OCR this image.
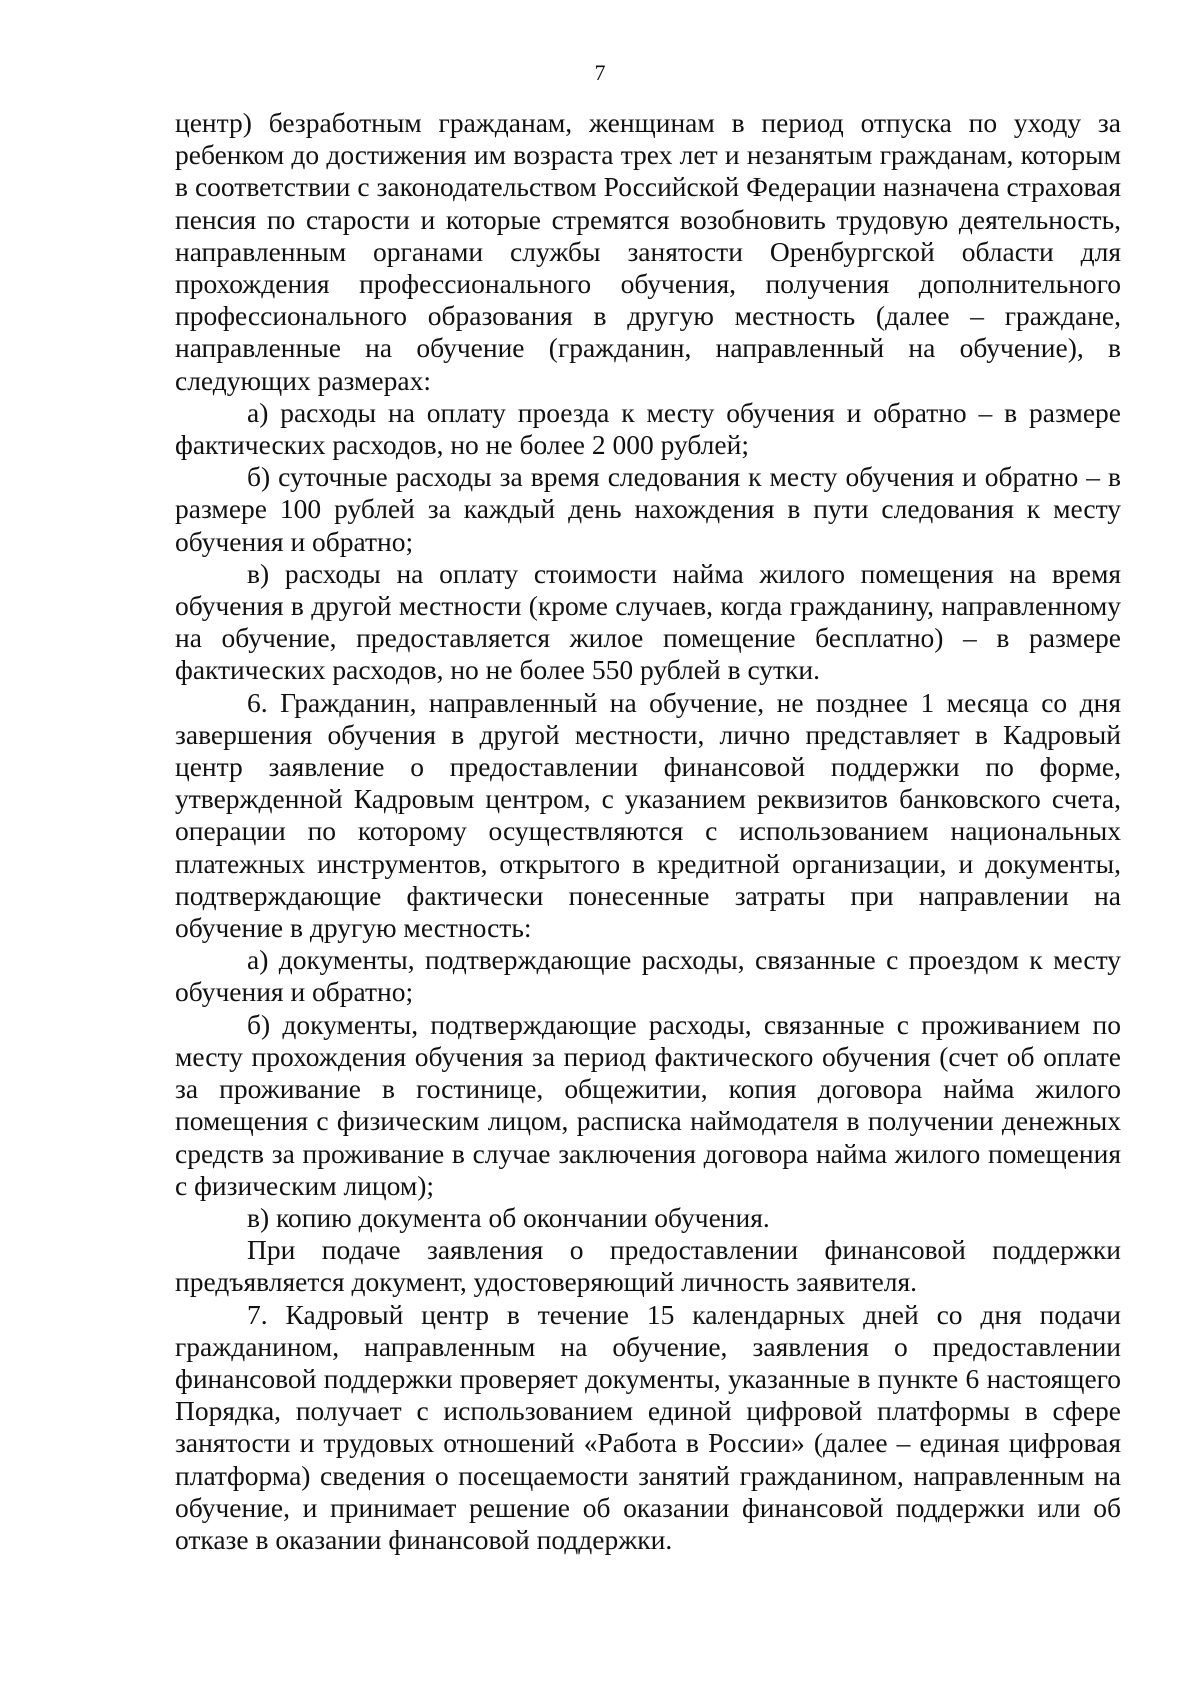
7

центр) безработным гражданам, женщинам в период отпуска по уходу за ребенком до достижения им возраста трех лет и незанятым гражданам, которым в соответствии с законодательством Российской Федерации назначена страховая пенсия по старости и которые стремятся возобновить трудовую деятельность, направленным органами службы занятости Оренбургской области для прохождения профессионального обучения, получения дополнительного профессионального образования в другую местность (далее – граждане, направленные на обучение (гражданин, направленный на обучение), в следующих размерах:

а) расходы на оплату проезда к месту обучения и обратно – в размере фактических расходов, но не более 2 000 рублей;

б) суточные расходы за время следования к месту обучения и обратно – в размере 100 рублей за каждый день нахождения в пути следования к месту обучения и обратно;

в) расходы на оплату стоимости найма жилого помещения на время обучения в другой местности (кроме случаев, когда гражданину, направленному на обучение, предоставляется жилое помещение бесплатно) – в размере фактических расходов, но не более 550 рублей в сутки.

6. Гражданин, направленный на обучение, не позднее 1 месяца со дня завершения обучения в другой местности, лично представляет в Кадровый центр заявление о предоставлении финансовой поддержки по форме, утвержденной Кадровым центром, с указанием реквизитов банковского счета, операции по которому осуществляются с использованием национальных платежных инструментов, открытого в кредитной организации, и документы, подтверждающие фактически понесенные затраты при направлении на обучение в другую местность:

а) документы, подтверждающие расходы, связанные с проездом к месту обучения и обратно;

б) документы, подтверждающие расходы, связанные с проживанием по месту прохождения обучения за период фактического обучения (счет об оплате за проживание в гостинице, общежитии, копия договора найма жилого помещения с физическим лицом, расписка наймодателя в получении денежных средств за проживание в случае заключения договора найма жилого помещения с физическим лицом);

в) копию документа об окончании обучения.

При подаче заявления о предоставлении финансовой поддержки предъявляется документ, удостоверяющий личность заявителя.

7. Кадровый центр в течение 15 календарных дней со дня подачи гражданином, направленным на обучение, заявления о предоставлении финансовой поддержки проверяет документы, указанные в пункте 6 настоящего Порядка, получает с использованием единой цифровой платформы в сфере занятости и трудовых отношений «Работа в России» (далее – единая цифровая платформа) сведения о посещаемости занятий гражданином, направленным на обучение, и принимает решение об оказании финансовой поддержки или об отказе в оказании финансовой поддержки.
